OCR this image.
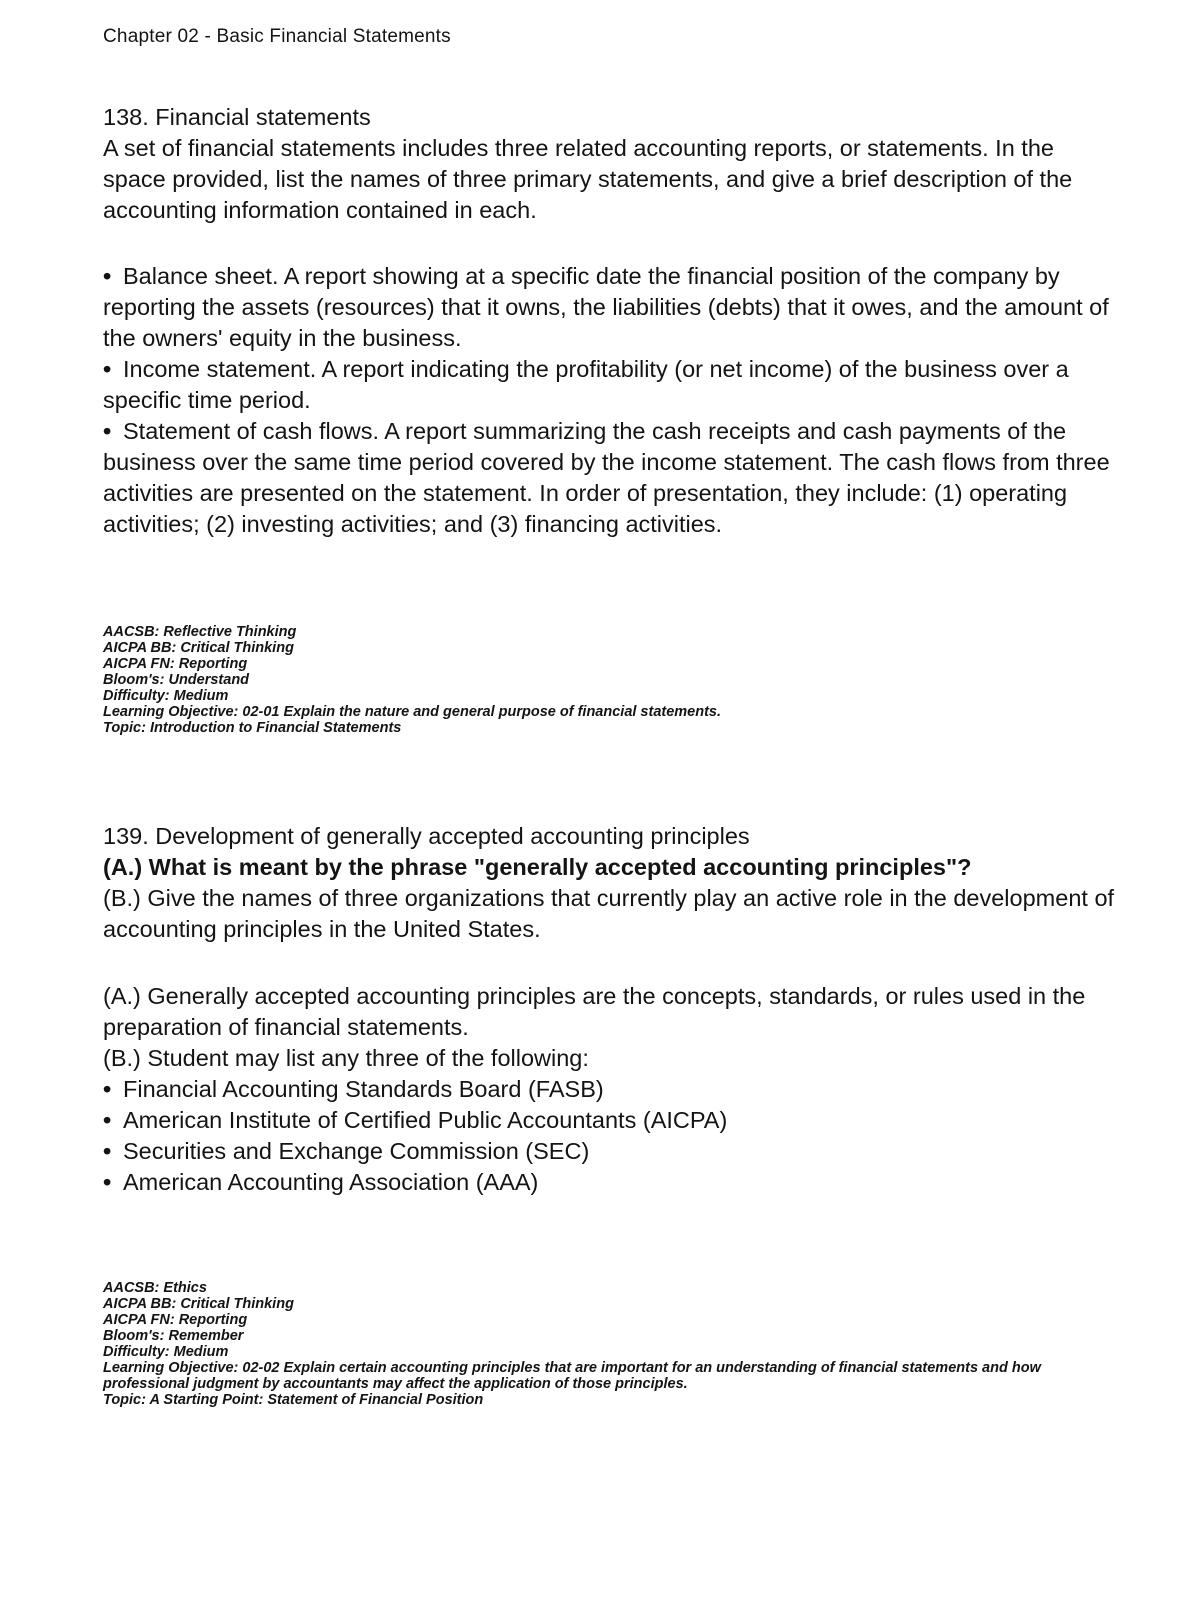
Chapter 02 - Basic Financial Statements

138. Financial statements

A set of financial statements includes three related accounting reports, or statements. In the space provided, list the names of three primary statements, and give a brief description of the accounting information contained in each.

• Balance sheet. A report showing at a specific date the financial position of the company by reporting the assets (resources) that it owns, the liabilities (debts) that it owes, and the amount of the owners' equity in the business.

• Income statement. A report indicating the profitability (or net income) of the business over a specific time period.

• Statement of cash flows. A report summarizing the cash receipts and cash payments of the business over the same time period covered by the income statement. The cash flows from three activities are presented on the statement. In order of presentation, they include: (1) operating activities; (2) investing activities; and (3) financing activities.

AACSB: Reflective Thinking
AICPA BB: Critical Thinking
AICPA FN: Reporting
Bloom's: Understand
Difficulty: Medium
Learning Objective: 02-01 Explain the nature and general purpose of financial statements.
Topic: Introduction to Financial Statements

139. Development of generally accepted accounting principles

(A.) What is meant by the phrase "generally accepted accounting principles"?

(B.) Give the names of three organizations that currently play an active role in the development of accounting principles in the United States.

(A.) Generally accepted accounting principles are the concepts, standards, or rules used in the preparation of financial statements.

(B.) Student may list any three of the following:

• Financial Accounting Standards Board (FASB)

• American Institute of Certified Public Accountants (AICPA)

• Securities and Exchange Commission (SEC)

• American Accounting Association (AAA)

AACSB: Ethics
AICPA BB: Critical Thinking
AICPA FN: Reporting
Bloom's: Remember
Difficulty: Medium
Learning Objective: 02-02 Explain certain accounting principles that are important for an understanding of financial statements and how professional judgment by accountants may affect the application of those principles.
Topic: A Starting Point: Statement of Financial Position
